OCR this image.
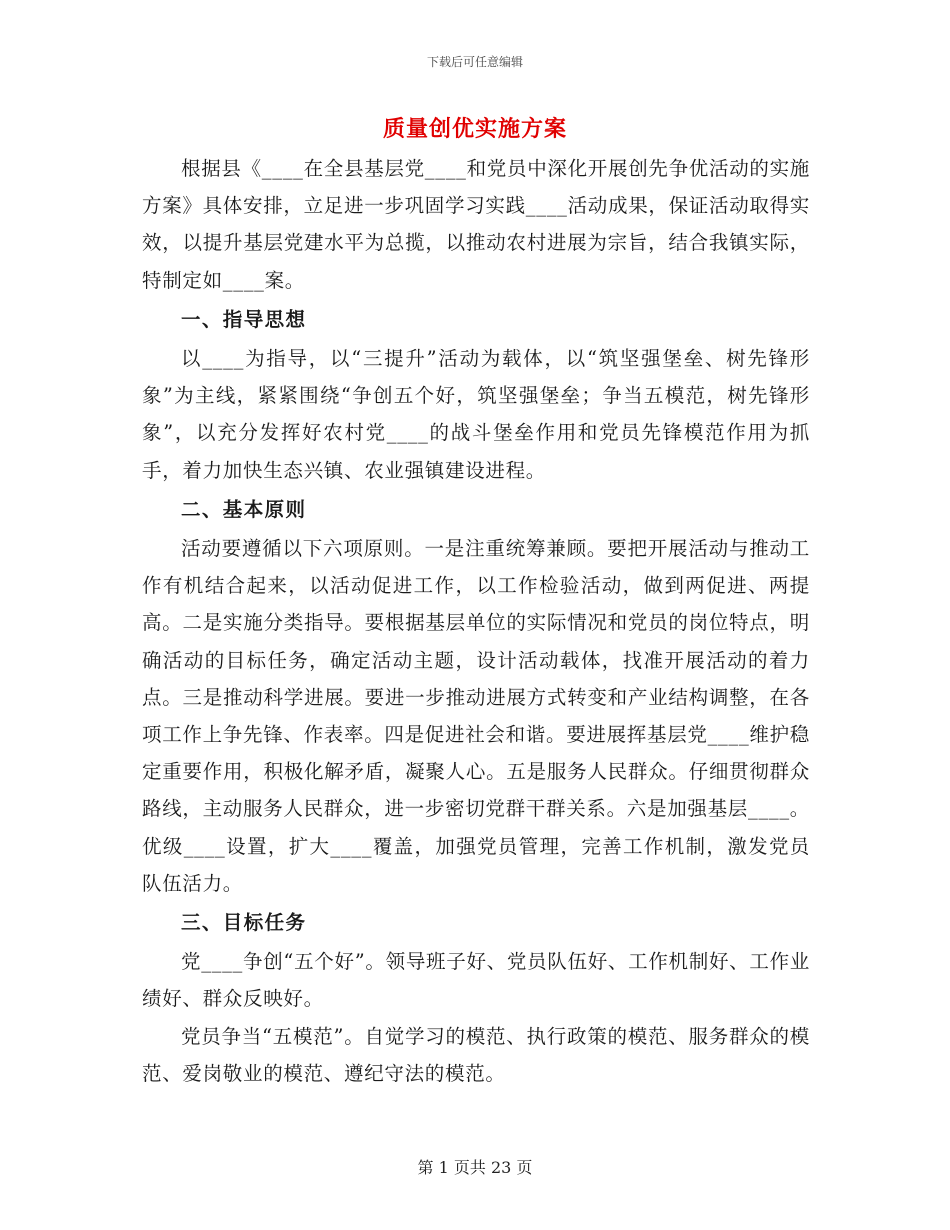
下载后可任意编辑
质量创优实施方案

根据县《____在全县基层党____和党员中深化开展创先争优活动的实施方案》具体安排，立足进一步巩固学习实践____活动成果，保证活动取得实效，以提升基层党建水平为总揽，以推动农村进展为宗旨，结合我镇实际，特制定如____案。

一、指导思想

以____为指导，以“三提升”活动为载体，以“筑坚强堡垒、树先锋形象”为主线，紧紧围绕“争创五个好，筑坚强堡垒；争当五模范，树先锋形象”，以充分发挥好农村党____的战斗堡垒作用和党员先锋模范作用为抓手，着力加快生态兴镇、农业强镇建设进程。

二、基本原则

活动要遵循以下六项原则。一是注重统筹兼顾。要把开展活动与推动工作有机结合起来，以活动促进工作，以工作检验活动，做到两促进、两提高。二是实施分类指导。要根据基层单位的实际情况和党员的岗位特点，明确活动的目标任务，确定活动主题，设计活动载体，找准开展活动的着力点。三是推动科学进展。要进一步推动进展方式转变和产业结构调整，在各项工作上争先锋、作表率。四是促进社会和谐。要进展挥基层党____维护稳定重要作用，积极化解矛盾，凝聚人心。五是服务人民群众。仔细贯彻群众路线，主动服务人民群众，进一步密切党群干群关系。六是加强基层____。优级____设置，扩大____覆盖，加强党员管理，完善工作机制，激发党员队伍活力。

三、目标任务

党____争创“五个好”。领导班子好、党员队伍好、工作机制好、工作业绩好、群众反映好。

党员争当“五模范”。自觉学习的模范、执行政策的模范、服务群众的模范、爱岗敬业的模范、遵纪守法的模范。

第 1 页共 23 页
